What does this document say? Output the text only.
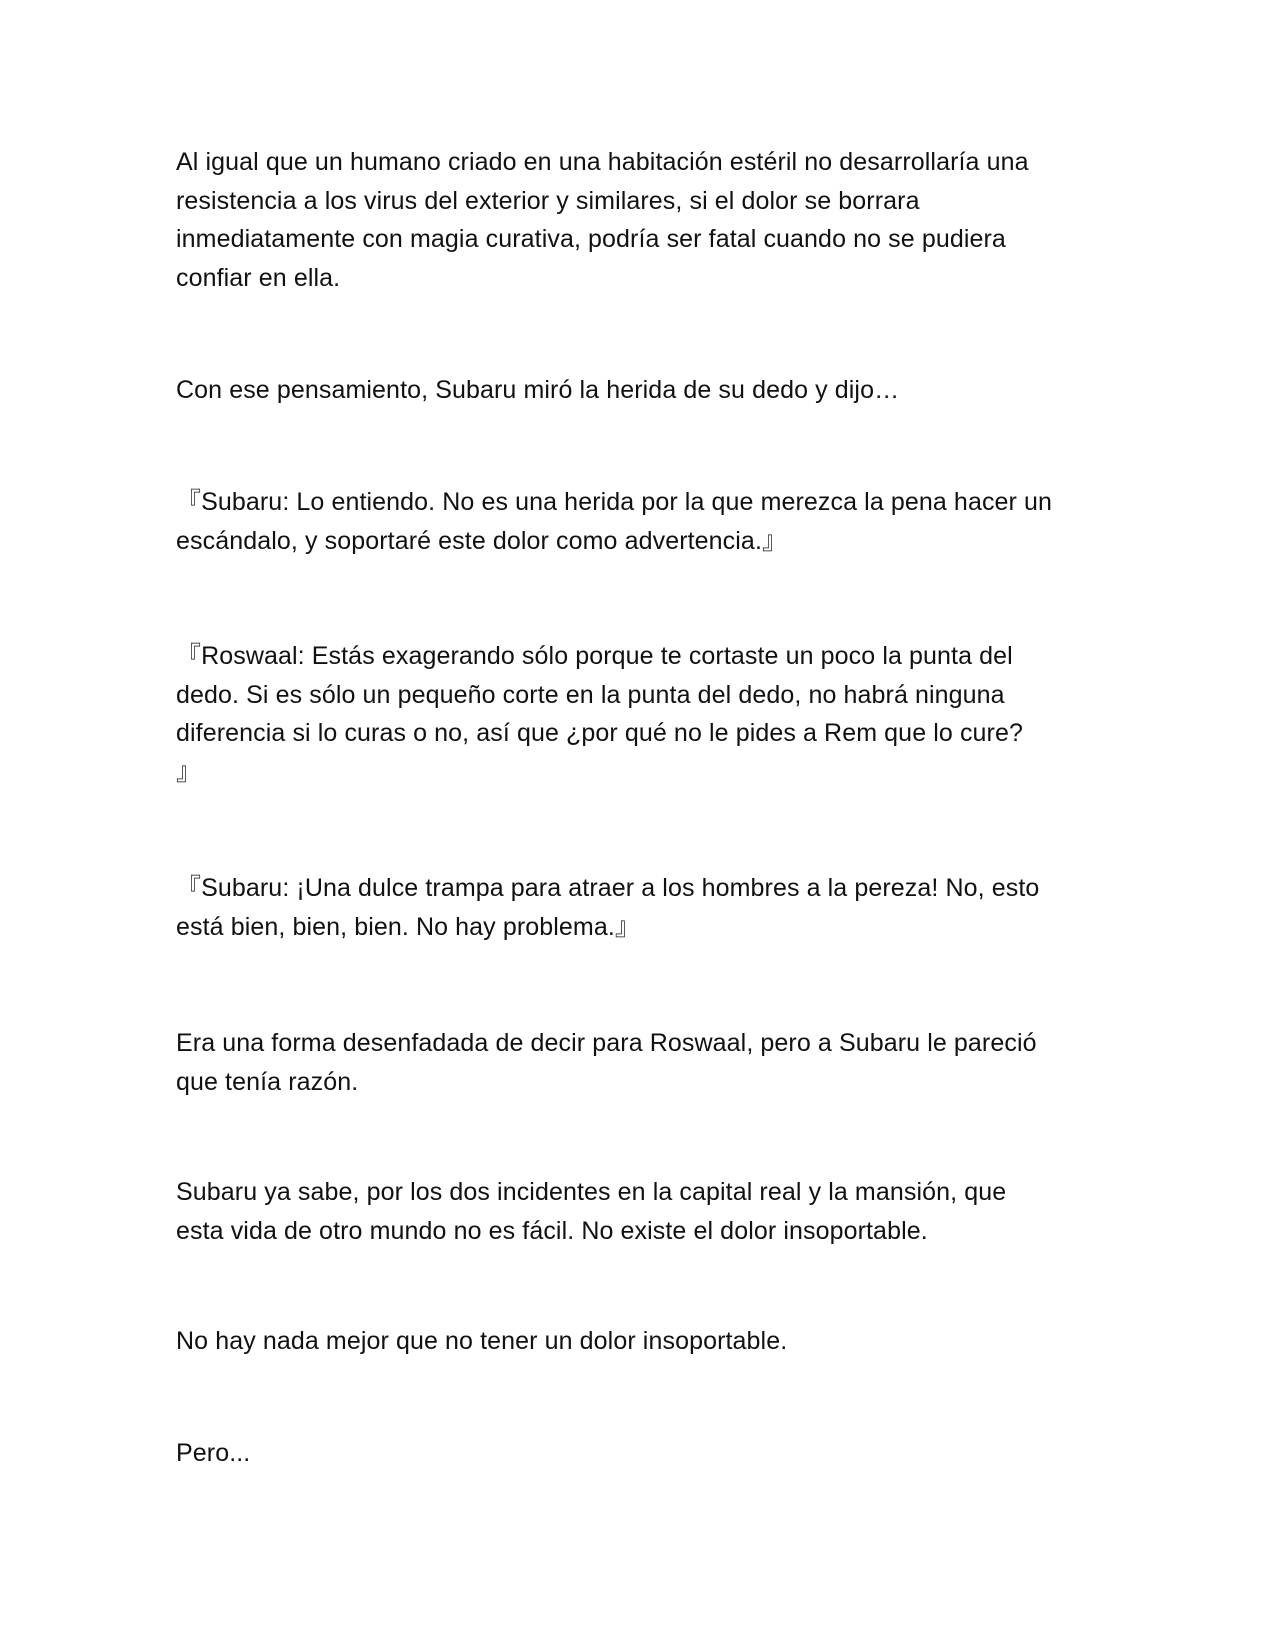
Al igual que un humano criado en una habitación estéril no desarrollaría una
resistencia a los virus del exterior y similares, si el dolor se borrara
inmediatamente con magia curativa, podría ser fatal cuando no se pudiera
confiar en ella.

Con ese pensamiento, Subaru miró la herida de su dedo y dijo…

『Subaru: Lo entiendo. No es una herida por la que merezca la pena hacer un
escándalo, y soportaré este dolor como advertencia.』

『Roswaal: Estás exagerando sólo porque te cortaste un poco la punta del
dedo. Si es sólo un pequeño corte en la punta del dedo, no habrá ninguna
diferencia si lo curas o no, así que ¿por qué no le pides a Rem que lo cure?
』

『Subaru: ¡Una dulce trampa para atraer a los hombres a la pereza! No, esto
está bien, bien, bien. No hay problema.』

Era una forma desenfadada de decir para Roswaal, pero a Subaru le pareció
que tenía razón.

Subaru ya sabe, por los dos incidentes en la capital real y la mansión, que
esta vida de otro mundo no es fácil. No existe el dolor insoportable.

No hay nada mejor que no tener un dolor insoportable.

Pero...
